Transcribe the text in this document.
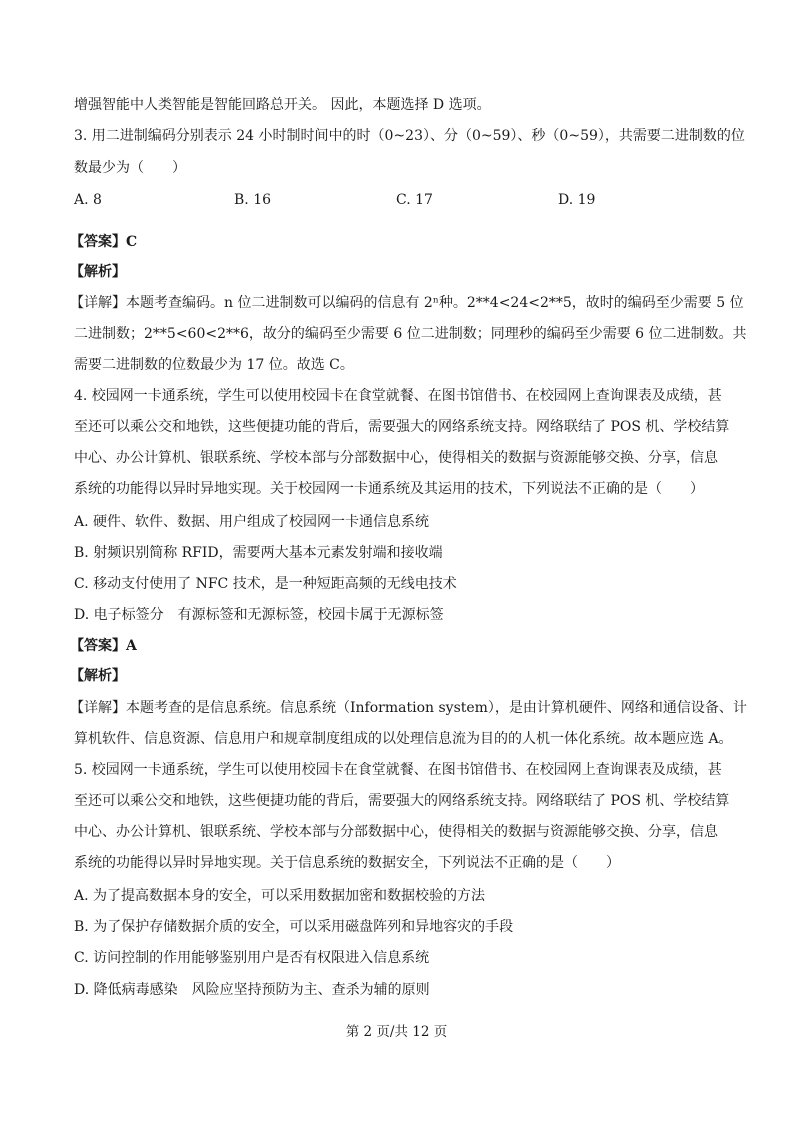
增强智能中人类智能是智能回路总开关。 因此，本题选择 D 选项。
3. 用二进制编码分别表示 24 小时制时间中的时（0~23）、分（0~59）、秒（0~59），共需要二进制数的位
数最少为（　　）
A. 8	B. 16	C. 17	D. 19
【答案】C
【解析】
【详解】本题考查编码。n 位二进制数可以编码的信息有 2ⁿ种。2**4<24<2**5，故时的编码至少需要 5 位
二进制数；2**5<60<2**6，故分的编码至少需要 6 位二进制数；同理秒的编码至少需要 6 位二进制数。共
需要二进制数的位数最少为 17 位。故选 C。
4. 校园网一卡通系统，学生可以使用校园卡在食堂就餐、在图书馆借书、在校园网上查询课表及成绩，甚
至还可以乘公交和地铁，这些便捷功能的背后，需要强大的网络系统支持。网络联结了 POS 机、学校结算
中心、办公计算机、银联系统、学校本部与分部数据中心，使得相关的数据与资源能够交换、分享，信息
系统的功能得以异时异地实现。关于校园网一卡通系统及其运用的技术，下列说法不正确的是（　　）
A. 硬件、软件、数据、用户组成了校园网一卡通信息系统
B. 射频识别简称 RFID，需要两大基本元素发射端和接收端
C. 移动支付使用了 NFC 技术，是一种短距高频的无线电技术
D. 电子标签分　有源标签和无源标签，校园卡属于无源标签
【答案】A
【解析】
【详解】本题考查的是信息系统。信息系统（Information system），是由计算机硬件、网络和通信设备、计
算机软件、信息资源、信息用户和规章制度组成的以处理信息流为目的的人机一体化系统。故本题应选 A。
5. 校园网一卡通系统，学生可以使用校园卡在食堂就餐、在图书馆借书、在校园网上查询课表及成绩，甚
至还可以乘公交和地铁，这些便捷功能的背后，需要强大的网络系统支持。网络联结了 POS 机、学校结算
中心、办公计算机、银联系统、学校本部与分部数据中心，使得相关的数据与资源能够交换、分享，信息
系统的功能得以异时异地实现。关于信息系统的数据安全，下列说法不正确的是（　　）
A. 为了提高数据本身的安全，可以采用数据加密和数据校验的方法
B. 为了保护存储数据介质的安全，可以采用磁盘阵列和异地容灾的手段
C. 访问控制的作用能够鉴别用户是否有权限进入信息系统
D. 降低病毒感染　风险应坚持预防为主、查杀为辅的原则
第 2 页/共 12 页
